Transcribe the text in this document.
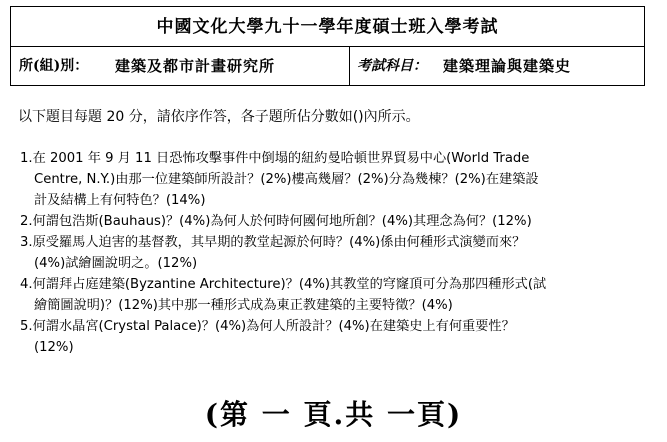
中國文化大學九十一學年度碩士班入學考試
所(組)別： 建築及都市計畫研究所	考試科目： 建築理論與建築史
以下題目每題 20 分，請依序作答，各子題所佔分數如()內所示。
1.在 2001 年 9 月 11 日恐怖攻擊事件中倒塌的紐約曼哈頓世界貿易中心(World Trade
Centre, N.Y.)由那一位建築師所設計？(2%)樓高幾層？(2%)分為幾棟？(2%)在建築設
計及結構上有何特色？(14%)
2.何謂包浩斯(Bauhaus)？(4%)為何人於何時何國何地所創？(4%)其理念為何？(12%)
3.原受羅馬人迫害的基督教，其早期的教堂起源於何時？(4%)係由何種形式演變而來？
(4%)試繪圖說明之。(12%)
4.何謂拜占庭建築(Byzantine Architecture)？(4%)其教堂的穹窿頂可分為那四種形式(試
繪簡圖說明)？(12%)其中那一種形式成為東正教建築的主要特徵？(4%)
5.何謂水晶宮(Crystal Palace)？(4%)為何人所設計？(4%)在建築史上有何重要性？
(12%)
(第 一 頁.共 一頁)
